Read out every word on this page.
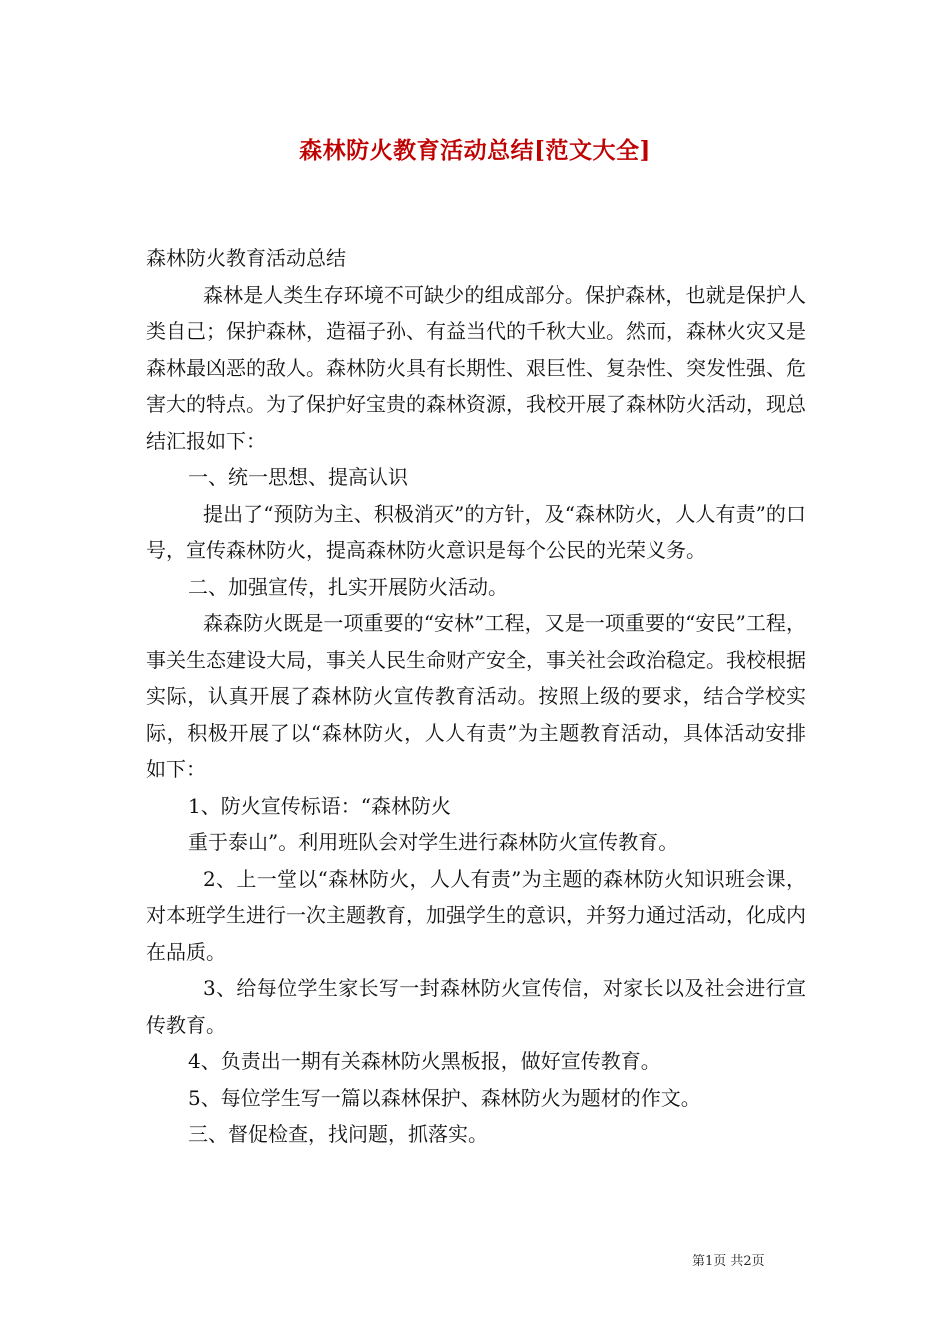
森林防火教育活动总结[范文大全]

森林防火教育活动总结

森林是人类生存环境不可缺少的组成部分。保护森林，也就是保护人类自己；保护森林，造福子孙、有益当代的千秋大业。然而，森林火灾又是森林最凶恶的敌人。森林防火具有长期性、艰巨性、复杂性、突发性强、危害大的特点。为了保护好宝贵的森林资源，我校开展了森林防火活动，现总结汇报如下：

一、统一思想、提高认识

提出了“预防为主、积极消灭”的方针，及“森林防火，人人有责”的口号，宣传森林防火，提高森林防火意识是每个公民的光荣义务。

二、加强宣传，扎实开展防火活动。

森森防火既是一项重要的“安林”工程，又是一项重要的“安民”工程，事关生态建设大局，事关人民生命财产安全，事关社会政治稳定。我校根据实际，认真开展了森林防火宣传教育活动。按照上级的要求，结合学校实际，积极开展了以“森林防火，人人有责”为主题教育活动，具体活动安排如下：

1、防火宣传标语：“森林防火

重于泰山”。利用班队会对学生进行森林防火宣传教育。

2、上一堂以“森林防火，人人有责”为主题的森林防火知识班会课，对本班学生进行一次主题教育，加强学生的意识，并努力通过活动，化成内在品质。

3、给每位学生家长写一封森林防火宣传信，对家长以及社会进行宣传教育。

4、负责出一期有关森林防火黑板报，做好宣传教育。

5、每位学生写一篇以森林保护、森林防火为题材的作文。

三、督促检查，找问题，抓落实。

第1页 共2页
